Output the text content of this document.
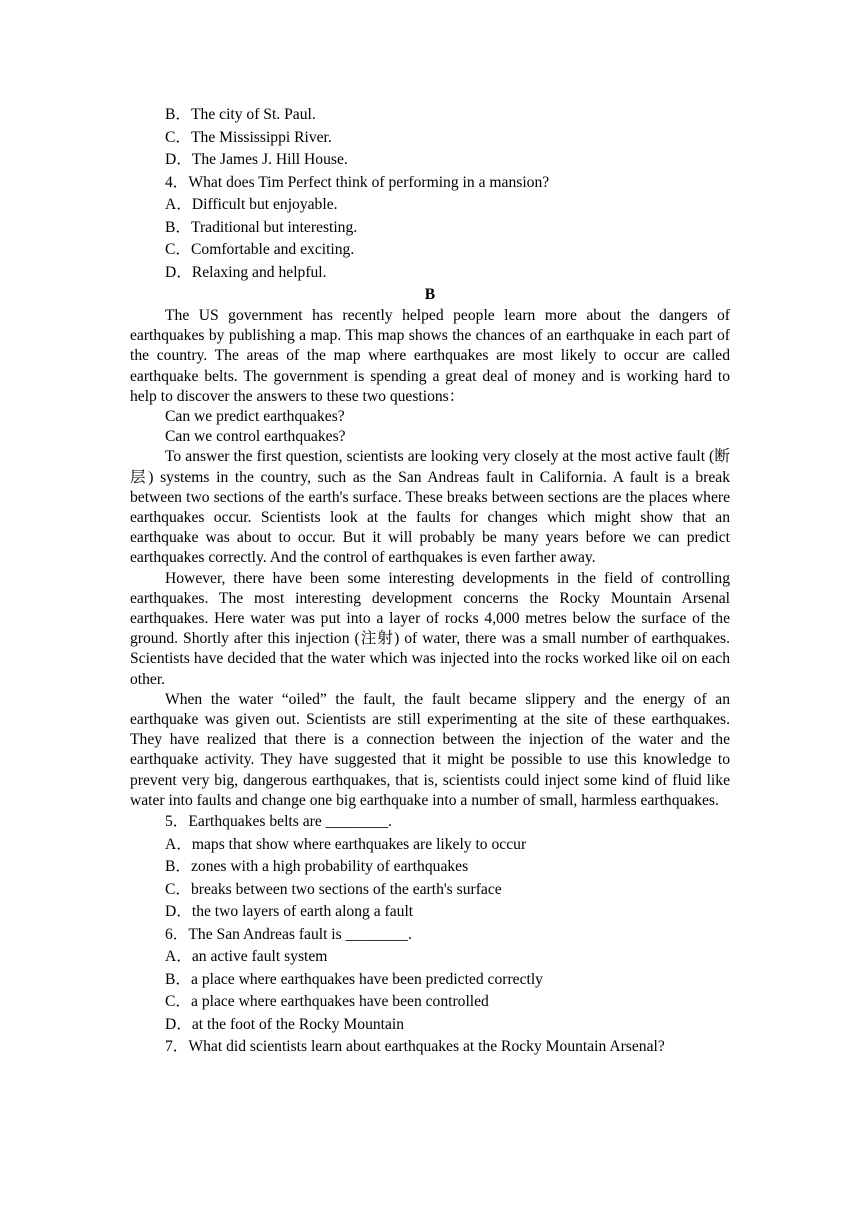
B．The city of St. Paul.
C．The Mississippi River.
D．The James J. Hill House.
4．What does Tim Perfect think of performing in a mansion?
A．Difficult but enjoyable.
B．Traditional but interesting.
C．Comfortable and exciting.
D．Relaxing and helpful.
B
The US government has recently helped people learn more about the dangers of earthquakes by publishing a map. This map shows the chances of an earthquake in each part of the country. The areas of the map where earthquakes are most likely to occur are called earthquake belts. The government is spending a great deal of money and is working hard to help to discover the answers to these two questions：
Can we predict earthquakes?
Can we control earthquakes?
To answer the first question, scientists are looking very closely at the most active fault (断层) systems in the country, such as the San Andreas fault in California. A fault is a break between two sections of the earth's surface. These breaks between sections are the places where earthquakes occur. Scientists look at the faults for changes which might show that an earthquake was about to occur. But it will probably be many years before we can predict earthquakes correctly. And the control of earthquakes is even farther away.
However, there have been some interesting developments in the field of controlling earthquakes. The most interesting development concerns the Rocky Mountain Arsenal earthquakes. Here water was put into a layer of rocks 4,000 metres below the surface of the ground. Shortly after this injection (注射) of water, there was a small number of earthquakes. Scientists have decided that the water which was injected into the rocks worked like oil on each other.
When the water “oiled” the fault, the fault became slippery and the energy of an earthquake was given out. Scientists are still experimenting at the site of these earthquakes. They have realized that there is a connection between the injection of the water and the earthquake activity. They have suggested that it might be possible to use this knowledge to prevent very big, dangerous earthquakes, that is, scientists could inject some kind of fluid like water into faults and change one big earthquake into a number of small, harmless earthquakes.
5．Earthquakes belts are ________.
A．maps that show where earthquakes are likely to occur
B．zones with a high probability of earthquakes
C．breaks between two sections of the earth's surface
D．the two layers of earth along a fault
6．The San Andreas fault is ________.
A．an active fault system
B．a place where earthquakes have been predicted correctly
C．a place where earthquakes have been controlled
D．at the foot of the Rocky Mountain
7．What did scientists learn about earthquakes at the Rocky Mountain Arsenal?
